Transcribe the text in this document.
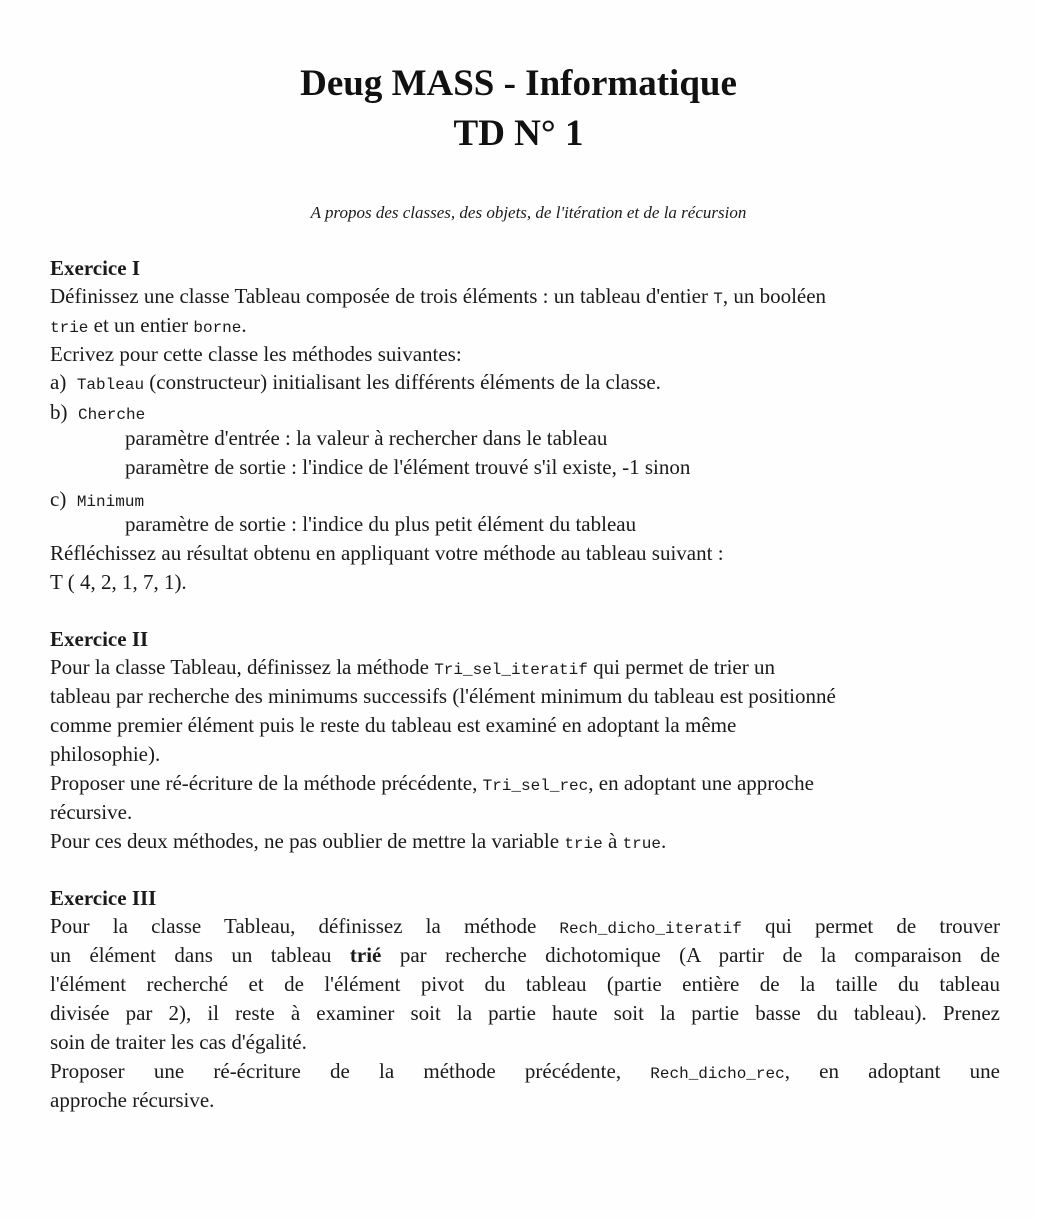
Deug MASS - Informatique
TD N° 1
A propos des classes, des objets, de l'itération et de la récursion
Exercice I
Définissez une classe Tableau composée de trois éléments : un tableau d'entier T, un booléen
trie et un entier borne.
Ecrivez pour cette classe les méthodes suivantes:
a) Tableau (constructeur) initialisant les différents éléments de la classe.
b) Cherche
paramètre d'entrée : la valeur à rechercher dans le tableau
paramètre de sortie : l'indice de l'élément trouvé s'il existe, -1 sinon
c) Minimum
paramètre de sortie : l'indice du plus petit élément du tableau
Réfléchissez au résultat obtenu en appliquant votre méthode au tableau suivant :
T ( 4, 2, 1, 7, 1).
Exercice II
Pour la classe Tableau, définissez la méthode Tri_sel_iteratif qui permet de trier un
tableau par recherche des minimums successifs (l'élément minimum du tableau est positionné
comme premier élément puis le reste du tableau est examiné en adoptant la même
philosophie).
Proposer une ré-écriture de la méthode précédente, Tri_sel_rec, en adoptant une approche
récursive.
Pour ces deux méthodes, ne pas oublier de mettre la variable trie à true.
Exercice III
Pour la classe Tableau, définissez la méthode Rech_dicho_iteratif qui permet de trouver
un élément dans un tableau trié par recherche dichotomique (A partir de la comparaison de
l'élément recherché et de l'élément pivot du tableau (partie entière de la taille du tableau
divisée par 2), il reste à examiner soit la partie haute soit la partie basse du tableau). Prenez
soin de traiter les cas d'égalité.
Proposer une ré-écriture de la méthode précédente, Rech_dicho_rec, en adoptant une
approche récursive.
